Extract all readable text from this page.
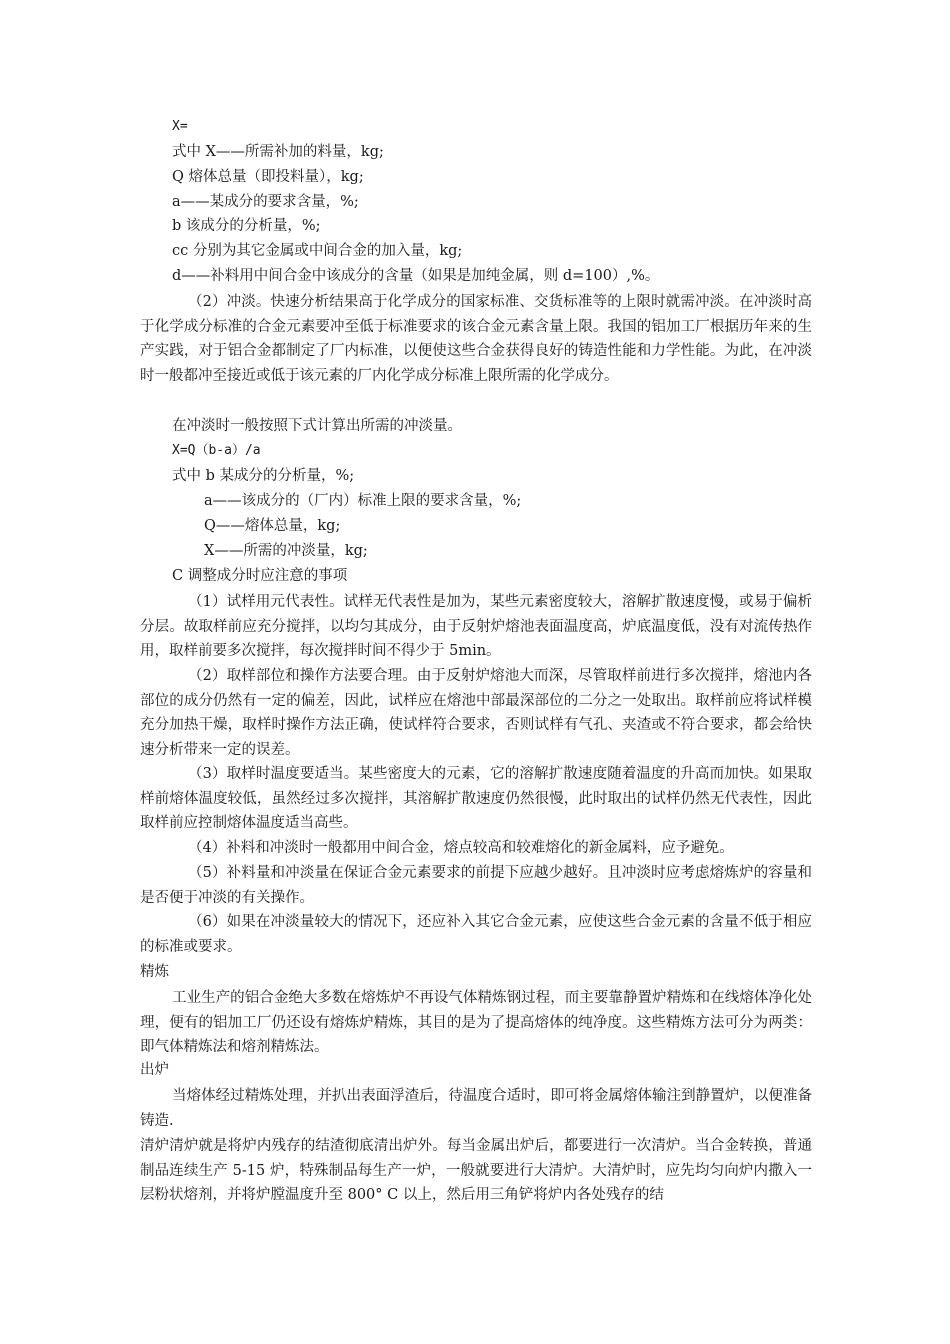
X=
式中 X——所需补加的料量，kg;
Q 熔体总量（即投料量），kg;
a——某成分的要求含量，%;
b 该成分的分析量，%;
cc 分别为其它金属或中间合金的加入量，kg;
d——补料用中间合金中该成分的含量（如果是加纯金属，则 d=100）,%。
（2）冲淡。快速分析结果高于化学成分的国家标准、交货标准等的上限时就需冲淡。在冲淡时高于化学成分标准的合金元素要冲至低于标准要求的该合金元素含量上限。我国的铝加工厂根据历年来的生产实践，对于铝合金都制定了厂内标准，以便使这些合金获得良好的铸造性能和力学性能。为此，在冲淡时一般都冲至接近或低于该元素的厂内化学成分标准上限所需的化学成分。
在冲淡时一般按照下式计算出所需的冲淡量。
X=Q（b-a）/a
式中 b 某成分的分析量，%;
a——该成分的（厂内）标准上限的要求含量，%;
Q——熔体总量，kg;
X——所需的冲淡量，kg;
C 调整成分时应注意的事项
（1）试样用元代表性。试样无代表性是加为，某些元素密度较大，溶解扩散速度慢，或易于偏析分层。故取样前应充分搅拌，以均匀其成分，由于反射炉熔池表面温度高，炉底温度低，没有对流传热作用，取样前要多次搅拌，每次搅拌时间不得少于 5min。
（2）取样部位和操作方法要合理。由于反射炉熔池大而深，尽管取样前进行多次搅拌，熔池内各部位的成分仍然有一定的偏差，因此，试样应在熔池中部最深部位的二分之一处取出。取样前应将试样模充分加热干燥，取样时操作方法正确，使试样符合要求，否则试样有气孔、夹渣或不符合要求，都会给快速分析带来一定的误差。
（3）取样时温度要适当。某些密度大的元素，它的溶解扩散速度随着温度的升高而加快。如果取样前熔体温度较低，虽然经过多次搅拌，其溶解扩散速度仍然很慢，此时取出的试样仍然无代表性，因此取样前应控制熔体温度适当高些。
（4）补料和冲淡时一般都用中间合金，熔点较高和较难熔化的新金属料，应予避免。
（5）补料量和冲淡量在保证合金元素要求的前提下应越少越好。且冲淡时应考虑熔炼炉的容量和是否便于冲淡的有关操作。
（6）如果在冲淡量较大的情况下，还应补入其它合金元素，应使这些合金元素的含量不低于相应的标准或要求。
精炼
工业生产的铝合金绝大多数在熔炼炉不再设气体精炼钢过程，而主要靠静置炉精炼和在线熔体净化处理，便有的铝加工厂仍还设有熔炼炉精炼，其目的是为了提高熔体的纯净度。这些精炼方法可分为两类：即气体精炼法和熔剂精炼法。
出炉
当熔体经过精炼处理，并扒出表面浮渣后，待温度合适时，即可将金属熔体输注到静置炉，以便准备铸造.
清炉清炉就是将炉内残存的结渣彻底清出炉外。每当金属出炉后，都要进行一次清炉。当合金转换，普通制品连续生产 5-15 炉，特殊制品每生产一炉，一般就要进行大清炉。大清炉时，应先均匀向炉内撒入一层粉状熔剂，并将炉膛温度升至 800° C 以上，然后用三角铲将炉内各处残存的结
